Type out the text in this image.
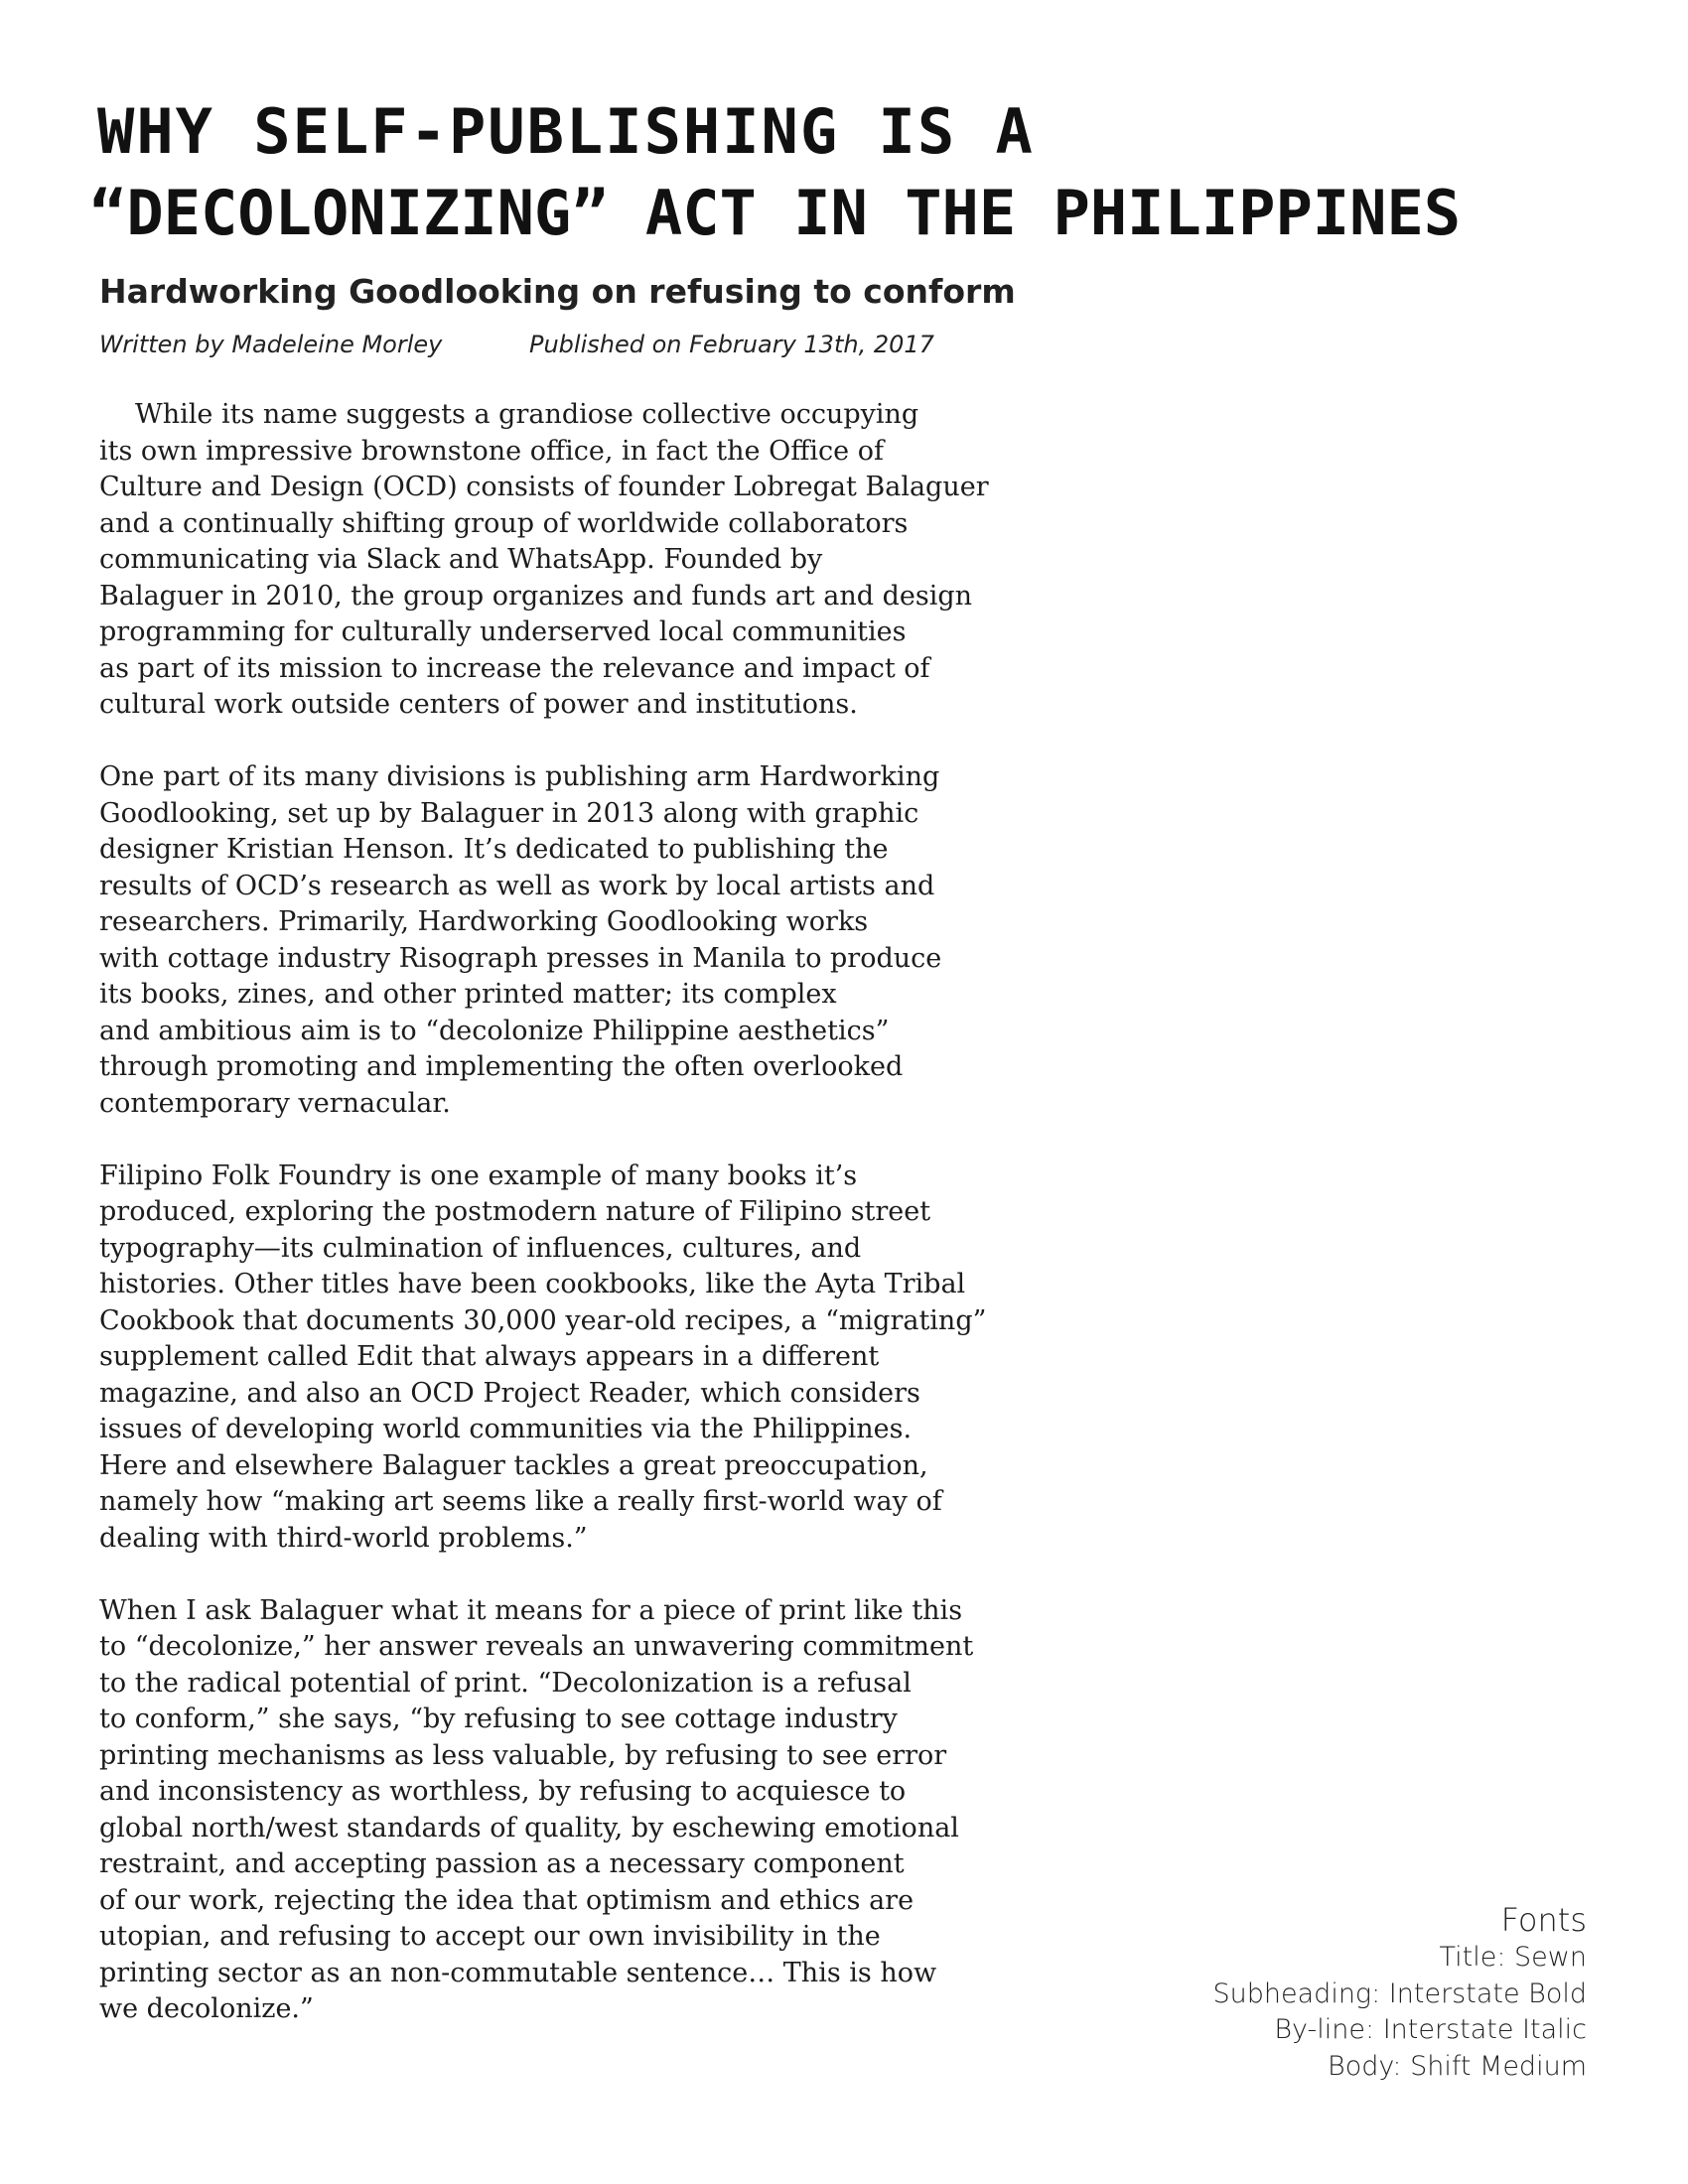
WHY SELF-PUBLISHING IS A
“DECOLONIZING” ACT IN THE PHILIPPINES
Hardworking Goodlooking on refusing to conform
Written by Madeleine Morley	Published on February 13th, 2017

While its name suggests a grandiose collective occupying
its own impressive brownstone office, in fact the Office of
Culture and Design (OCD) consists of founder Lobregat Balaguer
and a continually shifting group of worldwide collaborators
communicating via Slack and WhatsApp. Founded by
Balaguer in 2010, the group organizes and funds art and design
programming for culturally underserved local communities
as part of its mission to increase the relevance and impact of
cultural work outside centers of power and institutions.

One part of its many divisions is publishing arm Hardworking
Goodlooking, set up by Balaguer in 2013 along with graphic
designer Kristian Henson. It’s dedicated to publishing the
results of OCD’s research as well as work by local artists and
researchers. Primarily, Hardworking Goodlooking works
with cottage industry Risograph presses in Manila to produce
its books, zines, and other printed matter; its complex
and ambitious aim is to “decolonize Philippine aesthetics”
through promoting and implementing the often overlooked
contemporary vernacular.

Filipino Folk Foundry is one example of many books it’s
produced, exploring the postmodern nature of Filipino street
typography—its culmination of influences, cultures, and
histories. Other titles have been cookbooks, like the Ayta Tribal
Cookbook that documents 30,000 year-old recipes, a “migrating”
supplement called Edit that always appears in a different
magazine, and also an OCD Project Reader, which considers
issues of developing world communities via the Philippines.
Here and elsewhere Balaguer tackles a great preoccupation,
namely how “making art seems like a really first-world way of
dealing with third-world problems.”

When I ask Balaguer what it means for a piece of print like this
to “decolonize,” her answer reveals an unwavering commitment
to the radical potential of print. “Decolonization is a refusal
to conform,” she says, “by refusing to see cottage industry
printing mechanisms as less valuable, by refusing to see error
and inconsistency as worthless, by refusing to acquiesce to
global north/west standards of quality, by eschewing emotional
restraint, and accepting passion as a necessary component
of our work, rejecting the idea that optimism and ethics are
utopian, and refusing to accept our own invisibility in the
printing sector as an non-commutable sentence… This is how
we decolonize.”

Fonts
Title: Sewn
Subheading: Interstate Bold
By-line: Interstate Italic
Body: Shift Medium
